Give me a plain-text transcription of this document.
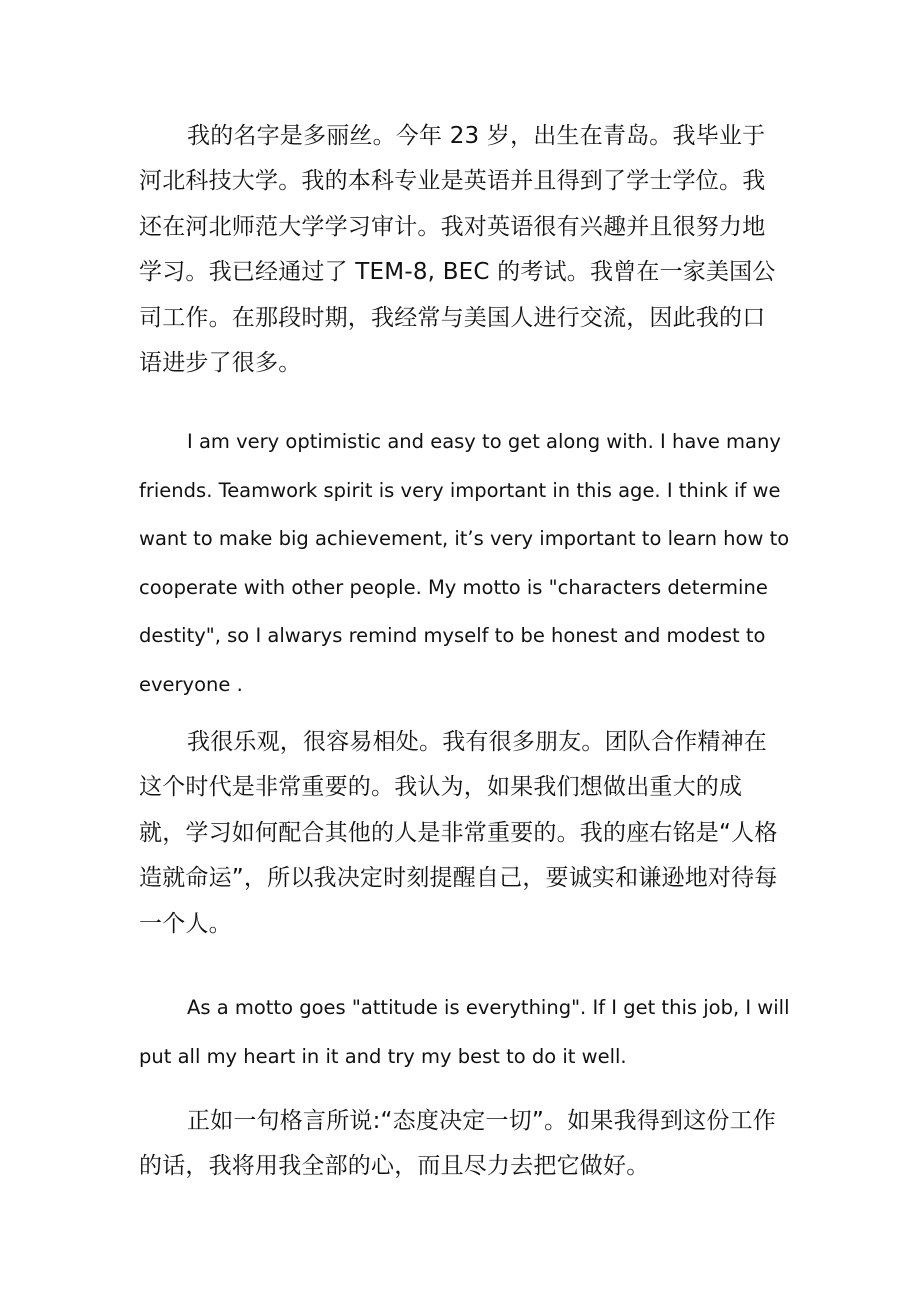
我的名字是多丽丝。今年 23 岁，出生在青岛。我毕业于河北科技大学。我的本科专业是英语并且得到了学士学位。我还在河北师范大学学习审计。我对英语很有兴趣并且很努力地学习。我已经通过了 TEM-8, BEC 的考试。我曾在一家美国公司工作。在那段时期，我经常与美国人进行交流，因此我的口语进步了很多。

I am very optimistic and easy to get along with. I have many friends. Teamwork spirit is very important in this age. I think if we want to make big achievement, it’s very important to learn how to cooperate with other people. My motto is "characters determine destity", so I alwarys remind myself to be honest and modest to everyone .

我很乐观，很容易相处。我有很多朋友。团队合作精神在这个时代是非常重要的。我认为，如果我们想做出重大的成就，学习如何配合其他的人是非常重要的。我的座右铭是“人格造就命运”，所以我决定时刻提醒自己，要诚实和谦逊地对待每一个人。

As a motto goes "attitude is everything". If I get this job, I will put all my heart in it and try my best to do it well.

正如一句格言所说:“态度决定一切”。如果我得到这份工作的话，我将用我全部的心，而且尽力去把它做好。
